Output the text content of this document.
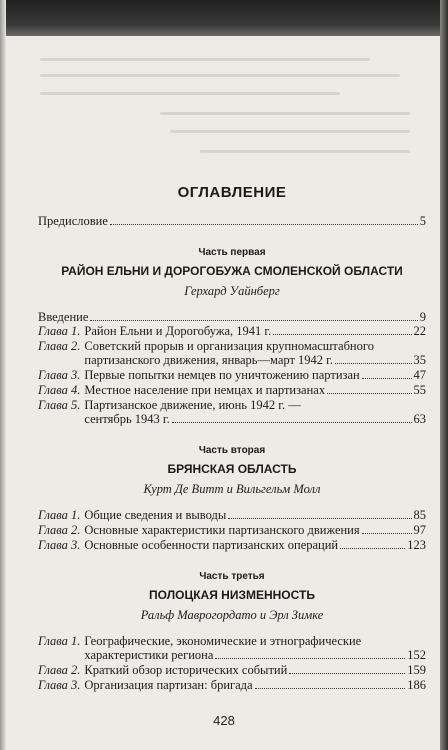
ОГЛАВЛЕНИЕ
Предисловие	5
Часть первая
РАЙОН ЕЛЬНИ И ДОРОГОБУЖА СМОЛЕНСКОЙ ОБЛАСТИ
Герхард Уайнберг
Введение	9
Глава 1. Район Ельни и Дорогобужа, 1941 г.	22
Глава 2. Советский прорыв и организация крупномасштабного
партизанского движения, январь—март 1942 г.	35
Глава 3. Первые попытки немцев по уничтожению партизан	47
Глава 4. Местное население при немцах и партизанах	55
Глава 5. Партизанское движение, июнь 1942 г. —
сентябрь 1943 г.	63
Часть вторая
БРЯНСКАЯ ОБЛАСТЬ
Курт Де Витт и Вильгельм Молл
Глава 1. Общие сведения и выводы	85
Глава 2. Основные характеристики партизанского движения	97
Глава 3. Основные особенности партизанских операций	123
Часть третья
ПОЛОЦКАЯ НИЗМЕННОСТЬ
Ральф Маврогордато и Эрл Зимке
Глава 1. Географические, экономические и этнографические
характеристики региона	152
Глава 2. Краткий обзор исторических событий	159
Глава 3. Организация партизан: бригада	186
428
